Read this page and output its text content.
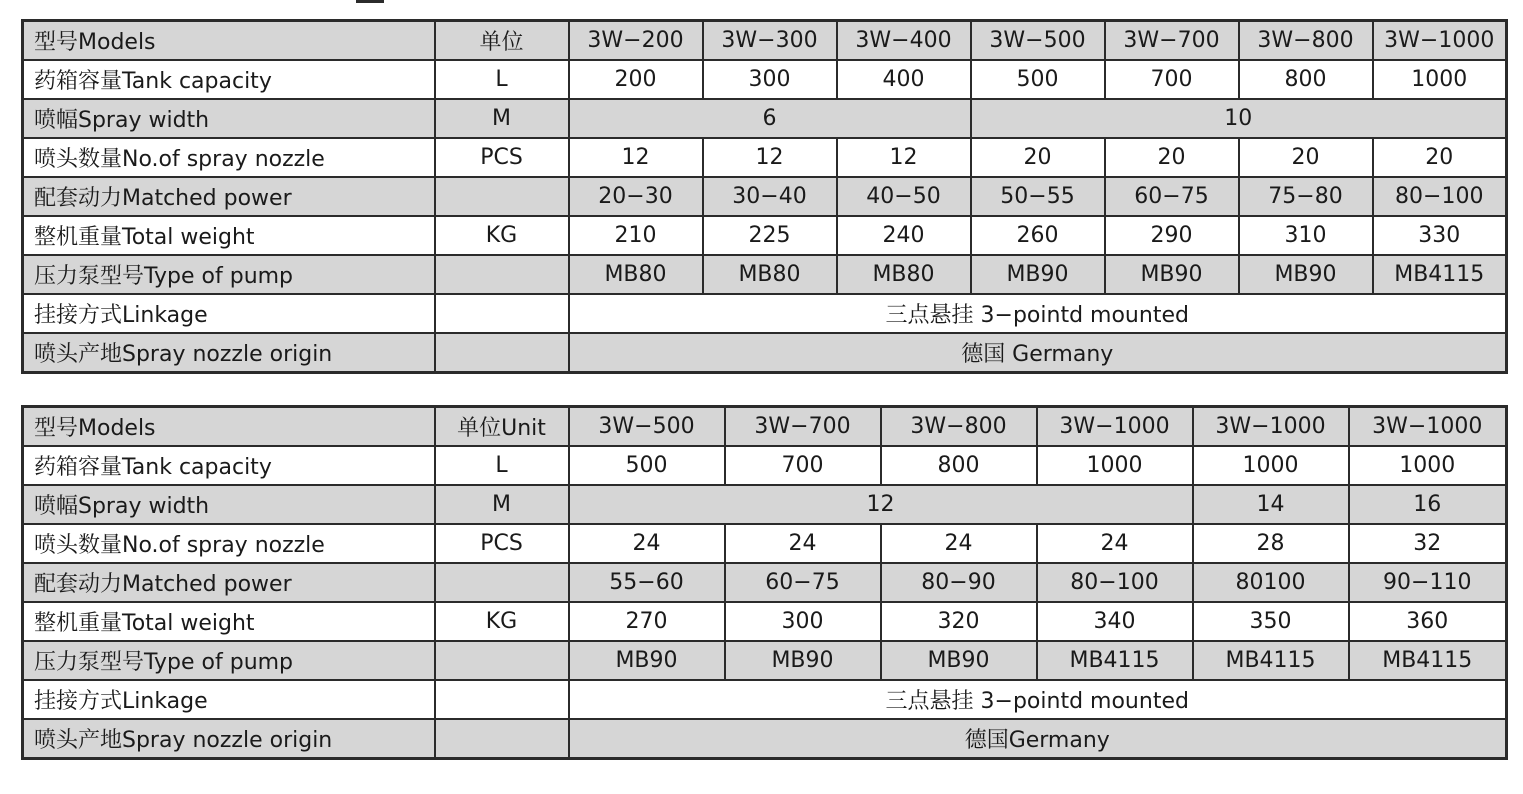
型号Models	单位	3W−200	3W−300	3W−400	3W−500	3W−700	3W−800	3W−1000
药箱容量Tank capacity	L	200	300	400	500	700	800	1000
喷幅Spray width	M	6			10			
喷头数量No.of spray nozzle	PCS	12	12	12	20	20	20	20
配套动力Matched power		20−30	30−40	40−50	50−55	60−75	75−80	80−100
整机重量Total weight	KG	210	225	240	260	290	310	330
压力泵型号Type of pump		MB80	MB80	MB80	MB90	MB90	MB90	MB4115
挂接方式Linkage		三点悬挂 3−pointd mounted						
喷头产地Spray nozzle origin		德国 Germany						
型号Models	单位Unit	3W−500	3W−700	3W−800	3W−1000	3W−1000	3W−1000
药箱容量Tank capacity	L	500	700	800	1000	1000	1000
喷幅Spray width	M	12				14	16
喷头数量No.of spray nozzle	PCS	24	24	24	24	28	32
配套动力Matched power		55−60	60−75	80−90	80−100	80100	90−110
整机重量Total weight	KG	270	300	320	340	350	360
压力泵型号Type of pump		MB90	MB90	MB90	MB4115	MB4115	MB4115
挂接方式Linkage		三点悬挂 3−pointd mounted					
喷头产地Spray nozzle origin		德国Germany					
